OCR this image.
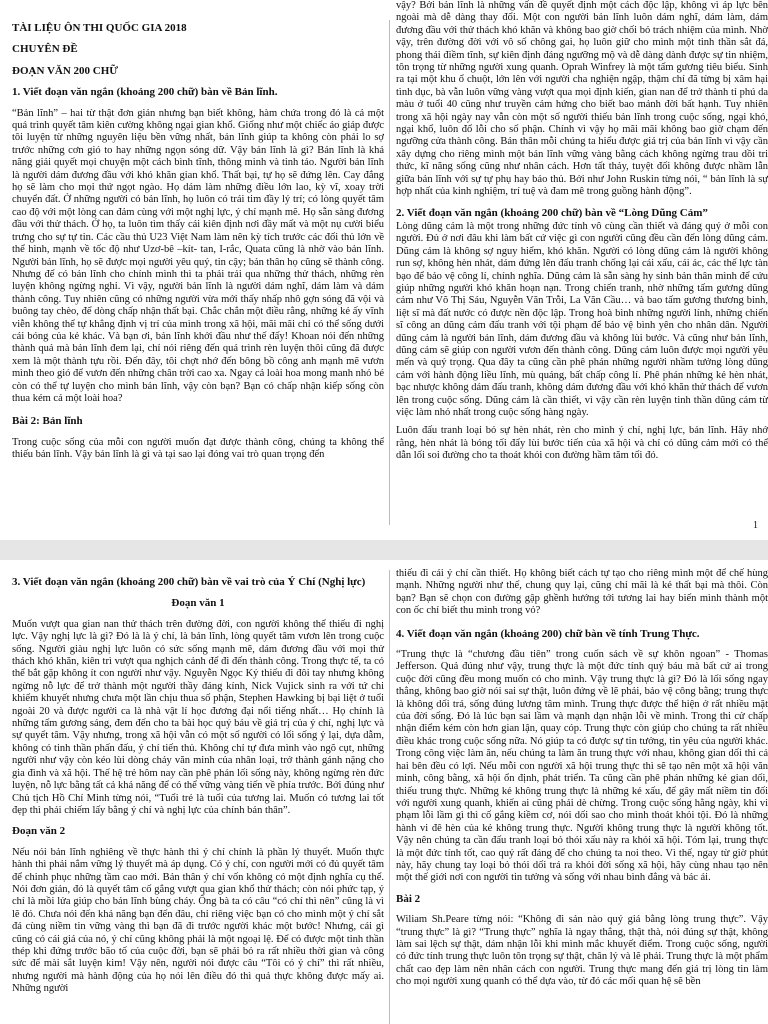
TÀI LIỆU ÔN THI QUỐC GIA 2018

CHUYÊN ĐỀ

ĐOẠN VĂN 200 CHỮ

1. Viết đoạn văn ngắn (khoảng 200 chữ) bàn về Bản lĩnh.

“Bản lĩnh” – hai từ thật đơn giản nhưng bạn biết không, hàm chứa trong đó là cả một quá trình quyết tâm kiên cường không ngại gian khổ. Giống như một chiếc áo giáp được tôi luyện từ những nguyên liệu bền vững nhất, bản lĩnh giúp ta không còn phải lo sợ trước những cơn gió to hay những ngọn sóng dữ. Vậy bản lĩnh là gì? Bản lĩnh là khả năng giải quyết mọi chuyện một cách bình tĩnh, thông minh và tinh táo. Người bản lĩnh là người dám đương đầu với khó khăn gian khổ. Thất bại, tự họ sẽ đứng lên. Cay đắng họ sẽ làm cho mọi thứ ngọt ngào. Họ dám làm những điều lớn lao, kỳ vĩ, xoay trời chuyển đất. Ở những người có bản lĩnh, họ luôn có trái tim đầy lý trí; có lòng quyết tâm cao độ với một lòng can đảm cùng với một nghị lực, ý chí mạnh mẽ. Họ sẵn sàng đương đầu với thử thách. Ở họ, ta luôn tìm thấy cái kiên định nơi đầy mất và một nụ cười biểu trưng cho sự tự tin. Các cầu thủ U23 Việt Nam làm nên kỳ tích trước các đối thủ lớn về thể hình, mạnh về tốc độ như Uzơ-bê –kít- tan, I-rắc, Quata cũng là nhờ vào bản lĩnh. Người bản lĩnh, họ sẽ được mọi người yêu quý, tin cậy; bản thân họ cũng sẽ thành công. Nhưng để có bản lĩnh cho chính mình thì ta phải trải qua những thử thách, những rèn luyện không ngừng nghỉ. Vì vậy, người bản lĩnh là người dám nghĩ, dám làm và dám thành công. Tuy nhiên cũng có những người vừa mới thấy nhấp nhô gợn sóng đã vội và buông tay chèo, để dòng chấp nhận thất bại. Chắc chắn một điều rằng, những kẻ ấy vĩnh viễn không thể tự khẳng định vị trí của mình trong xã hội, mãi mãi chỉ có thể sống dưới cái bóng của kẻ khác. Và bạn ơi, bản lĩnh khởi đầu như thế đấy! Khoan nói đến những thành quả mà bản lĩnh đem lại, chỉ nói riêng đến quá trình rèn luyện thôi cũng đã được xem là một thành tựu rồi. Đến đây, tôi chợt nhớ đến bông bồ công anh mạnh mẽ vươn mình theo gió để vươn đến những chân trời cao xa. Ngay cả loài hoa mong manh nhỏ bé còn có thể tự luyện cho mình bản lĩnh, vậy còn bạn? Bạn có chấp nhận kiếp sống còn thua kém cả một loài hoa?

Bài 2: Bản lĩnh

Trong cuộc sống của mỗi con người muốn đạt được thành công, chúng ta không thể thiếu bản lĩnh. Vậy bản lĩnh là gì và tại sao lại đóng vai trò quan trọng đến

vậy? Bởi bản lĩnh là những vấn đề quyết định một cách độc lập, không vì áp lực bên ngoài mà dễ dàng thay đổi. Một con người bản lĩnh luôn dám nghĩ, dám làm, dám đương đầu với thử thách khó khăn và không bao giờ chối bỏ trách nhiệm của mình. Nhờ vậy, trên đường đời với vô số chông gai, họ luôn giữ cho mình một tinh thần sắt đá, phong thái điềm tĩnh, sự kiên định đáng ngưỡng mộ và dễ dàng dành được sự tin nhiệm, tôn trọng từ những người xung quanh. Oprah Winfrey là một tấm gương tiêu biểu. Sinh ra tại một khu ổ chuột, lớn lên với người cha nghiện ngập, thậm chí đã từng bị xâm hại tình dục, bà vẫn luôn vững vàng vượt qua mọi định kiến, gian nan để trở thành tỉ phú da màu ở tuổi 40 cũng như truyền cảm hứng cho biết bao mảnh đời bất hạnh. Tuy nhiên trong xã hội ngày nay vẫn còn một số người thiếu bản lĩnh trong cuộc sống, ngại khó, ngại khổ, luôn đổ lỗi cho số phận. Chính vì vậy họ mãi mãi không bao giờ chạm đến ngưỡng cửa thành công. Bản thân mỗi chúng ta hiểu được giá trị của bản lĩnh vì vậy cần xây dựng cho riêng mình một bản lĩnh vững vàng bằng cách không ngừng trau dồi tri thức, kĩ năng sống cũng như nhân cách. Hơn tất thảy, tuyệt đối không được nhầm lẫn giữa bản lĩnh với sự tự phụ hay bảo thủ. Bởi như John Ruskin từng nói, “ bản lĩnh là sự hợp nhất của kinh nghiệm, trí tuệ và đam mê trong guồng hành động”.

2. Viết đoạn văn ngắn (khoảng 200 chữ) bàn về “Lòng Dũng Cảm”

Lòng dũng cảm là một trong những đức tính vô cùng cần thiết và đáng quý ở mỗi con người. Đủ ở nơi đâu khi làm bất cứ việc gì con người cũng đều cần đến lòng dũng cảm. Dũng cảm là không sợ nguy hiểm, khó khăn. Người có lòng dũng cảm là người không run sợ, không hèn nhát, dám đứng lên đấu tranh chống lại cái xấu, cái ác, các thế lực tàn bạo để bảo vệ công lí, chính nghĩa. Dũng cảm là sẵn sàng hy sinh bản thân mình để cứu giúp những người khó khăn hoạn nạn. Trong chiến tranh, nhờ những tấm gương dũng cảm như Võ Thị Sáu, Nguyễn Văn Trỗi, La Văn Cầu… và bao tấm gương thương binh, liệt sĩ mà đất nước có được nền độc lập. Trong hoà bình những người lính, những chiến sĩ công an dũng cảm đấu tranh với tội phạm để bảo vệ bình yên cho nhân dân. Người dũng cảm là người bản lĩnh, dám đương đầu và không lùi bước. Và cũng như bản lĩnh, dũng cảm sẽ giúp con người vươn đến thành công. Dũng cảm luôn được mọi người yêu mến và quý trọng. Qua đây ta cũng cần phê phán những người nhầm tưởng lòng dũng cảm với hành động liều lĩnh, mù quáng, bất chấp công lí. Phê phán những kẻ hèn nhát, bạc nhược không dám đấu tranh, không dám đương đầu với khó khăn thử thách để vươn lên trong cuộc sống. Dũng cảm là cần thiết, vì vậy cần rèn luyện tinh thần dũng cảm từ việc làm nhỏ nhất trong cuộc sống hàng ngày.

Luôn đấu tranh loại bỏ sự hèn nhát, rèn cho mình ý chí, nghị lực, bản lĩnh. Hãy nhớ rằng, hèn nhát là bóng tối đẩy lùi bước tiến của xã hội và chỉ có dũng cảm mới có thể dẫn lối soi đường cho ta thoát khỏi con đường hầm tăm tối đó.

1

3. Viết đoạn văn ngắn (khoảng 200 chữ) bàn về vai trò của Ý Chí (Nghị lực)

Đoạn văn 1

Muốn vượt qua gian nan thử thách trên đường đời, con người không thể thiếu đi nghị lực. Vậy nghị lực là gì? Đó là là ý chí, là bản lĩnh, lòng quyết tâm vươn lên trong cuộc sống. Người giàu nghị lực luôn có sức sống mạnh mẽ, dám đương đầu với mọi thử thách khó khăn, kiên trì vượt qua nghịch cảnh để đi đến thành công. Trong thực tế, ta có thể bắt gặp không ít con người như vậy. Nguyễn Ngọc Ký thiếu đi đôi tay nhưng không ngừng nỗ lực để trở thành một người thầy đáng kính, Nick Vujick sinh ra với tứ chi khiếm khuyết nhưng chưa một lần chịu thua số phận, Stephen Hawking bị bại liệt ở tuổi ngoài 20 và được người ca là nhà vật lí học đương đại nổi tiếng nhất… Họ chính là những tấm gương sáng, đem đến cho ta bài học quý báu về giá trị của ý chí, nghị lực và sự quyết tâm. Vậy nhưng, trong xã hội vẫn có một số người có lối sống ỷ lại, dựa dẫm, không có tinh thần phấn đấu, ý chí tiến thủ. Không chỉ tự đưa mình vào ngõ cụt, những người như vậy còn kéo lùi dòng chảy văn minh của nhân loại, trở thành gánh nặng cho gia đình và xã hội. Thế hệ trẻ hôm nay cần phê phán lối sống này, không ngừng rèn đức luyện, nỗ lực bằng tất cả khả năng để có thể vững vàng tiến về phía trước. Bởi đúng như Chủ tịch Hồ Chí Minh từng nói, “Tuổi trẻ là tuổi của tương lai. Muốn có tương lai tốt đẹp thì phải chiếm lấy bằng ý chí và nghị lực của chính bản thân”.

Đoạn văn 2

Nếu nói bản lĩnh nghiêng về thực hành thì ý chí chính là phần lý thuyết. Muốn thực hành thì phải nắm vững lý thuyết mà áp dụng. Có ý chí, con người mới có đủ quyết tâm để chinh phục những tầm cao mới. Bản thân ý chí vốn không có một định nghĩa cụ thể. Nói đơn giản, đó là quyết tâm cố gắng vượt qua gian khổ thử thách; còn nói phức tạp, ý chí là mồi lửa giúp cho bản lĩnh bùng cháy. Ông bà ta có câu “có chí thì nên” cũng là vì lẽ đó. Chưa nói đến khả năng bạn đến đâu, chỉ riêng việc bạn có cho mình một ý chí sắt đá cùng niềm tin vững vàng thì bạn đã đi trước người khác một bước! Nhưng, cái gì cũng có cái giá của nó, ý chí cũng không phải là một ngoại lệ. Để có được một tinh thần thép khi đứng trước bão tố của cuộc đời, bạn sẽ phải bỏ ra rất nhiều thời gian và công sức để mài sắt luyện kim! Vậy nên, người nói được câu “Tôi có ý chí” thì rất nhiều, nhưng người mà hành động của họ nói lên điều đó thì quả thực không được mấy ai. Những người

thiếu đi cái ý chí cần thiết. Họ không biết cách tự tạo cho riêng mình một để chế hùng mạnh. Những người như thế, chung quy lại, cũng chỉ mãi là kẻ thất bại mà thôi. Còn bạn? Bạn sẽ chọn con đường gập ghềnh hướng tới tương lai hay biến mình thành một con ốc chỉ biết thu mình trong vỏ?

4. Viết đoạn văn ngắn (khoảng 200) chữ bàn về tính Trung Thực.

“Trung thực là “chương đầu tiên” trong cuốn sách về sự khôn ngoan” - Thomas Jefferson. Quả đúng như vậy, trung thực là một đức tính quý báu mà bất cứ ai trong cuộc đời cũng đều mong muốn có cho mình. Vậy trung thực là gì? Đó là lối sống ngay thẳng, không bao giờ nói sai sự thật, luôn đứng về lẽ phải, bảo vệ công bằng; trung thực là không dối trá, sống đúng lương tâm mình. Trung thực được thể hiện ở rất nhiều mặt của đời sống. Đó là lúc bạn sai lầm và mạnh dạn nhận lỗi về mình. Trong thi cử chấp nhận điểm kém còn hơn gian lận, quay cóp. Trung thực còn giúp cho chúng ta rất nhiều điều khác trong cuộc sống nữa. Nó giúp ta có được sự tin tưởng, tin yêu của người khác. Trong công việc làm ăn, nếu chúng ta làm ăn trung thực với nhau, không gian dối thì cả hai bên đều có lợi. Nếu mỗi con người xã hội trung thực thì sẽ tạo nên một xã hội văn minh, công bằng, xã hội ổn định, phát triển. Ta cũng cần phê phán những kẻ gian dối, thiếu trung thực. Những kẻ không trung thực là những kẻ xấu, để gây mất niềm tin đối với người xung quanh, khiến ai cũng phải dè chừng. Trong cuộc sống hằng ngày, khi vi phạm lỗi lầm gì thì cố gắng kiềm cơ, nói dối sao cho mình thoát khỏi tội. Đó là những hành vi đê hèn của kẻ không trung thực. Người không trung thực là người không tốt. Vậy nên chúng ta cần đấu tranh loại bỏ thói xấu này ra khỏi xã hội. Tóm lại, trung thực là một đức tính tốt, cao quý rất đáng để cho chúng ta noi theo. Vì thế, ngay từ giờ phút này, hãy chung tay loại bỏ thói dối trá ra khỏi đời sống xã hội, hãy cùng nhau tạo nên một thế giới nơi con người tin tưởng và sống với nhau bình đẳng và bác ái.

Bài 2

Wiliam Sh.Peare từng nói: “Không đi sản nào quý giá bằng lòng trung thực”. Vậy “trung thực” là gì? “Trung thực” nghĩa là ngay thẳng, thật thà, nói đúng sự thật, không làm sai lệch sự thật, dám nhận lỗi khi mình mắc khuyết điểm. Trong cuộc sống, người có đức tính trung thực luôn tôn trọng sự thật, chân lý và lẽ phải. Trung thực là một phẩm chất cao đẹp làm nên nhân cách con người. Trung thực mang đến giá trị lòng tin làm cho mọi người xung quanh có thể dựa vào, từ đó các mối quan hệ sẽ bền
